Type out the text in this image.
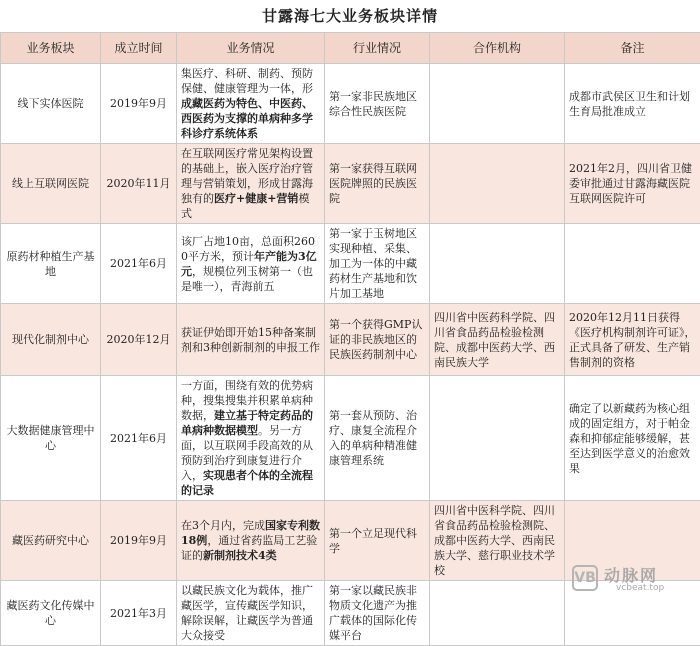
甘露海七大业务板块详情
业务板块	成立时间	业务情况	行业情况	合作机构	备注
线下实体医院	2019年9月	集医疗、科研、制药、预防保健、健康管理为一体，形成藏医药为特色、中医药、西医药为支撑的单病种多学科诊疗系统体系	第一家非民族地区综合性民族医院		成都市武侯区卫生和计划生育局批准成立
线上互联网医院	2020年11月	在互联网医疗常见架构设置的基础上，嵌入医疗治疗管理与营销策划，形成甘露海独有的医疗+健康+营销模式	第一家获得互联网医院牌照的民族医院		2021年2月，四川省卫健委审批通过甘露海藏医院互联网医院许可
原药材种植生产基地	2021年6月	该厂占地10亩，总面积2600平方米，预计年产能为3亿元，规模位列玉树第一（也是唯一），青海前五	第一家于玉树地区实现种植、采集、加工为一体的中藏药材生产基地和饮片加工基地		
现代化制剂中心	2020年12月	获证伊始即开始15种备案制剂和3种创新制剂的申报工作	第一个获得GMP认证的非民族地区的民族医药制剂中心	四川省中医药科学院、四川省食品药品检验检测院、成都中医药大学、西南民族大学	2020年12月11日获得《医疗机构制剂许可证》，正式具备了研发、生产销售制剂的资格
大数据健康管理中心	2021年6月	一方面，围绕有效的优势病种，搜集搜集并积累单病种数据，建立基于特定药品的单病种数据模型。另一方面，以互联网手段高效的从预防到治疗到康复进行介入，实现患者个体的全流程的记录	第一套从预防、治疗、康复全流程介入的单病种精准健康管理系统		确定了以新藏药为核心组成的固定组方，对于帕金森和抑郁症能够缓解，甚至达到医学意义的治愈效果
藏医药研究中心	2019年9月	在3个月内，完成国家专利数18例，通过省药监局工艺验证的新制剂技术4类	第一个立足现代科学	四川省中医科学院、四川省食品药品检验检测院、成都中医药大学、西南民族大学、慈行职业技术学校	
藏医药文化传媒中心	2021年3月	以藏民族文化为载体，推广藏医学，宣传藏医学知识，解除误解，让藏医学为普通大众接受	第一家以藏民族非物质文化遗产为推广载体的国际化传媒平台		
VB 动脉网
vcbeat.top
